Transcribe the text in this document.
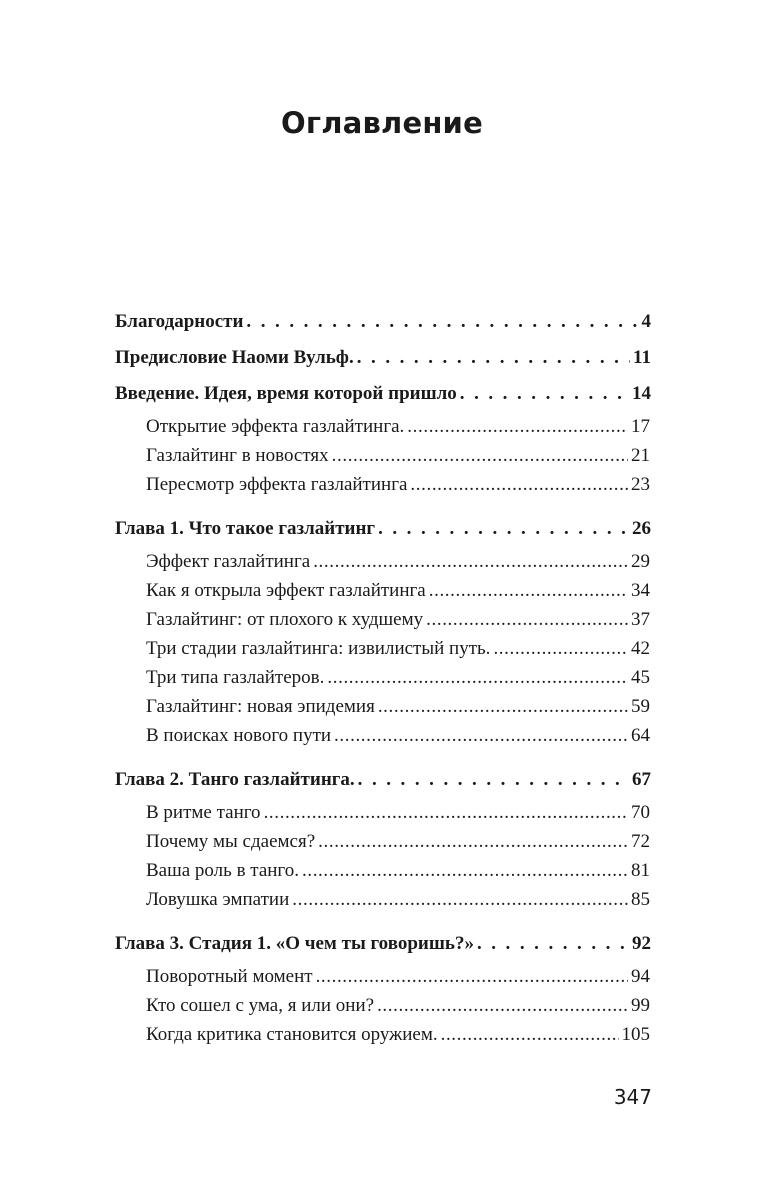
Оглавление
Благодарности . . .	4
Предисловие Наоми Вульф. . . .	11
Введение. Идея, время которой пришло . . .	14
Открытие эффекта газлайтинга. .....	17
Газлайтинг в новостях .....	21
Пересмотр эффекта газлайтинга .....	23
Глава 1. Что такое газлайтинг . . .	26
Эффект газлайтинга .....	29
Как я открыла эффект газлайтинга .....	34
Газлайтинг: от плохого к худшему .....	37
Три стадии газлайтинга: извилистый путь. .....	42
Три типа газлайтеров. .....	45
Газлайтинг: новая эпидемия .....	59
В поисках нового пути .....	64
Глава 2. Танго газлайтинга. . . .	67
В ритме танго .....	70
Почему мы сдаемся? .....	72
Ваша роль в танго. .....	81
Ловушка эмпатии .....	85
Глава 3. Стадия 1. «О чем ты говоришь?» . . .	92
Поворотный момент .....	94
Кто сошел с ума, я или они? .....	99
Когда критика становится оружием. .....	105
347
